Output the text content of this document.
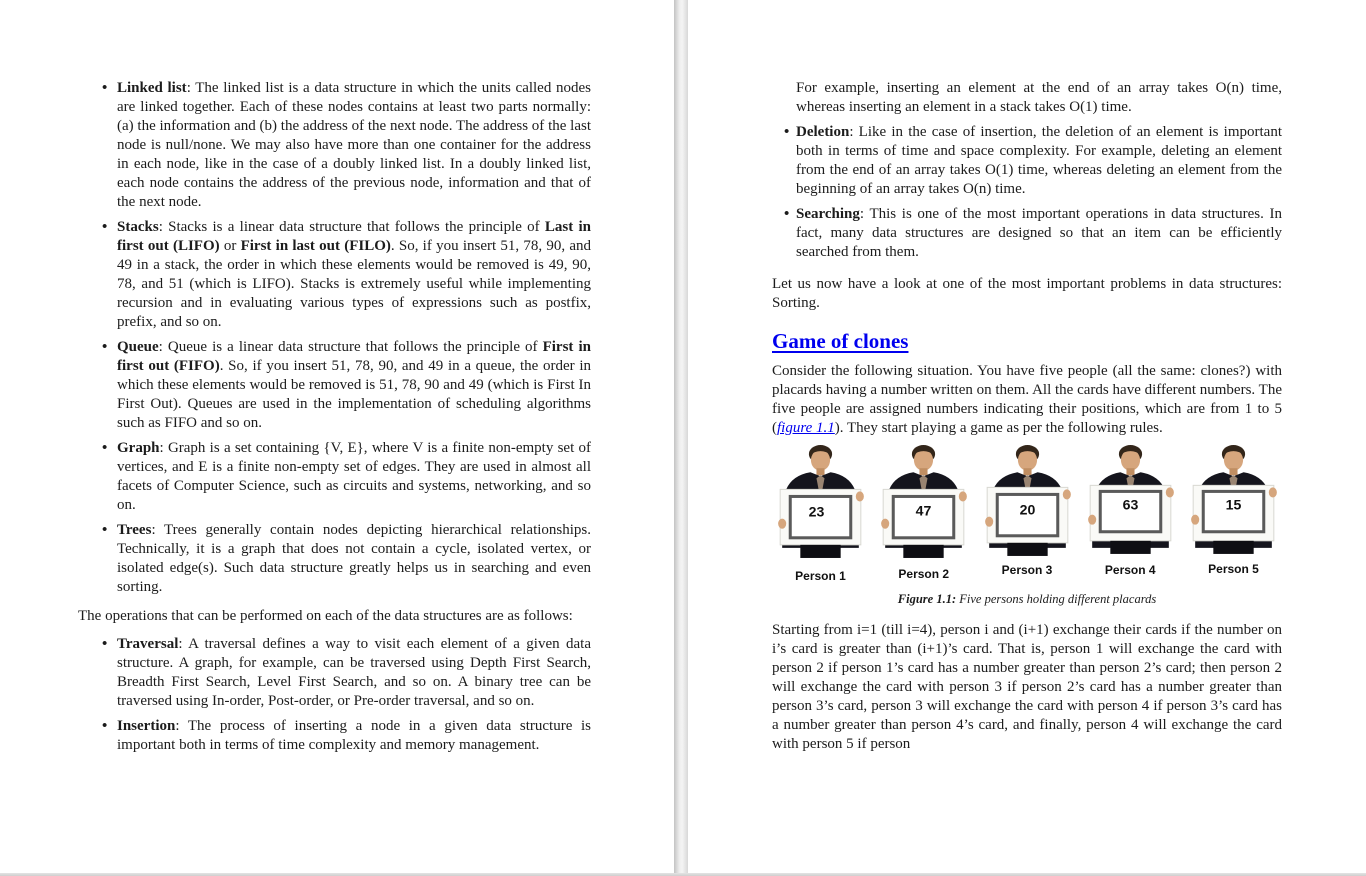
• Linked list: The linked list is a data structure in which the units called nodes are linked together. Each of these nodes contains at least two parts normally: (a) the information and (b) the address of the next node. The address of the last node is null/none. We may also have more than one container for the address in each node, like in the case of a doubly linked list. In a doubly linked list, each node contains the address of the previous node, information and that of the next node.
• Stacks: Stacks is a linear data structure that follows the principle of Last in first out (LIFO) or First in last out (FILO). So, if you insert 51, 78, 90, and 49 in a stack, the order in which these elements would be removed is 49, 90, 78, and 51 (which is LIFO). Stacks is extremely useful while implementing recursion and in evaluating various types of expressions such as postfix, prefix, and so on.
• Queue: Queue is a linear data structure that follows the principle of First in first out (FIFO). So, if you insert 51, 78, 90, and 49 in a queue, the order in which these elements would be removed is 51, 78, 90 and 49 (which is First In First Out). Queues are used in the implementation of scheduling algorithms such as FIFO and so on.
• Graph: Graph is a set containing {V, E}, where V is a finite non-empty set of vertices, and E is a finite non-empty set of edges. They are used in almost all facets of Computer Science, such as circuits and systems, networking, and so on.
• Trees: Trees generally contain nodes depicting hierarchical relationships. Technically, it is a graph that does not contain a cycle, isolated vertex, or isolated edge(s). Such data structure greatly helps us in searching and even sorting.
The operations that can be performed on each of the data structures are as follows:
• Traversal: A traversal defines a way to visit each element of a given data structure. A graph, for example, can be traversed using Depth First Search, Breadth First Search, Level First Search, and so on. A binary tree can be traversed using In-order, Post-order, or Pre-order traversal, and so on.
• Insertion: The process of inserting a node in a given data structure is important both in terms of time complexity and memory management.
For example, inserting an element at the end of an array takes O(n) time, whereas inserting an element in a stack takes O(1) time.
• Deletion: Like in the case of insertion, the deletion of an element is important both in terms of time and space complexity. For example, deleting an element from the end of an array takes O(1) time, whereas deleting an element from the beginning of an array takes O(n) time.
• Searching: This is one of the most important operations in data structures. In fact, many data structures are designed so that an item can be efficiently searched from them.
Let us now have a look at one of the most important problems in data structures: Sorting.
Game of clones
Consider the following situation. You have five people (all the same: clones?) with placards having a number written on them. All the cards have different numbers. The five people are assigned numbers indicating their positions, which are from 1 to 5 (figure 1.1). They start playing a game as per the following rules.
23
Person 1
47
Person 2
20
Person 3
63
Person 4
15
Person 5
Figure 1.1: Five persons holding different placards
Starting from i=1 (till i=4), person i and (i+1) exchange their cards if the number on i’s card is greater than (i+1)’s card. That is, person 1 will exchange the card with person 2 if person 1’s card has a number greater than person 2’s card; then person 2 will exchange the card with person 3 if person 2’s card has a number greater than person 3’s card, person 3 will exchange the card with person 4 if person 3’s card has a number greater than person 4’s card, and finally, person 4 will exchange the card with person 5 if person
